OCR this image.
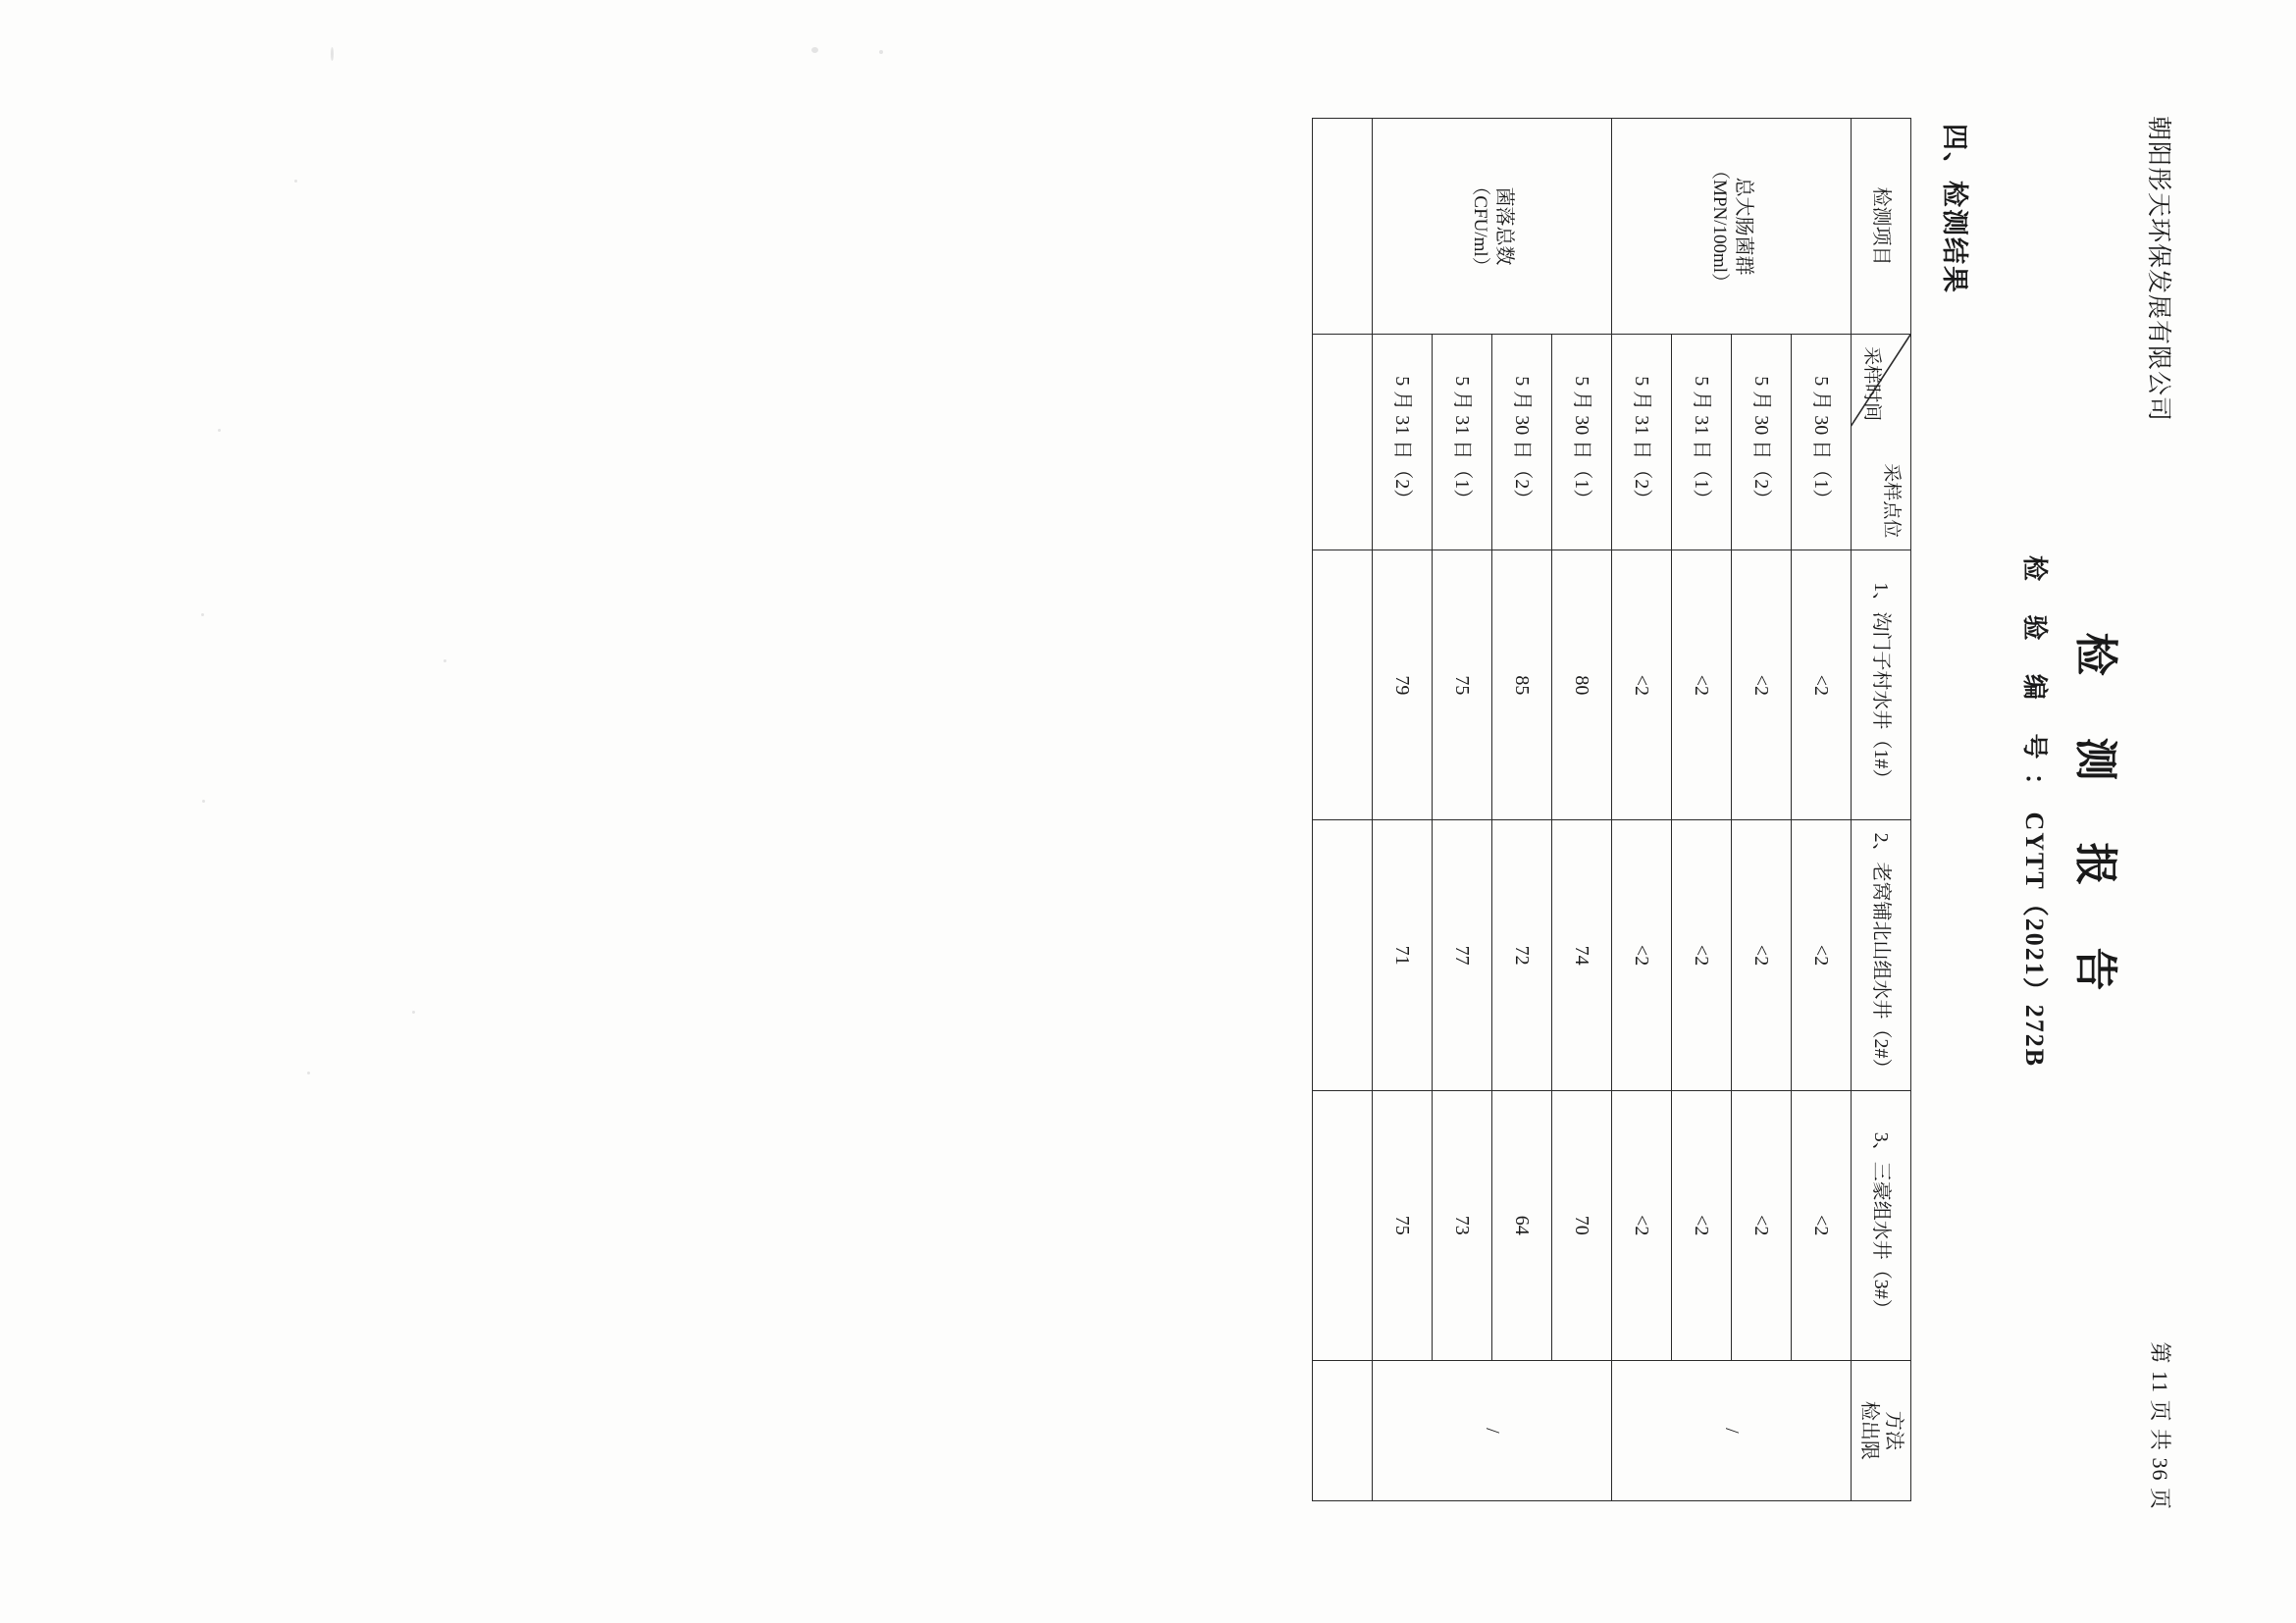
朝阳彤天环保发展有限公司
第 11 页 共 36 页
检 测 报 告
检 验 编 号：CYTT（2021）272B
四、检测结果
检测项目	
采样点位
采样时间
	1、沟门子村水井（1#）	2、老窝铺北山组水井（2#）	3、三豪组水井（3#）	
方法
检出限

总大肠菌群
（MPN/100ml）	5 月 30 日（1）	<2	<2	<2	/
	5 月 30 日（2）	<2	<2	<2	
	5 月 31 日（1）	<2	<2	<2	
	5 月 31 日（2）	<2	<2	<2	

菌落总数
（CFU/ml）	5 月 30 日（1）	80	74	70	/
	5 月 30 日（2）	85	72	64	
	5 月 31 日（1）	75	77	73	
	5 月 31 日（2）	79	71	75	
